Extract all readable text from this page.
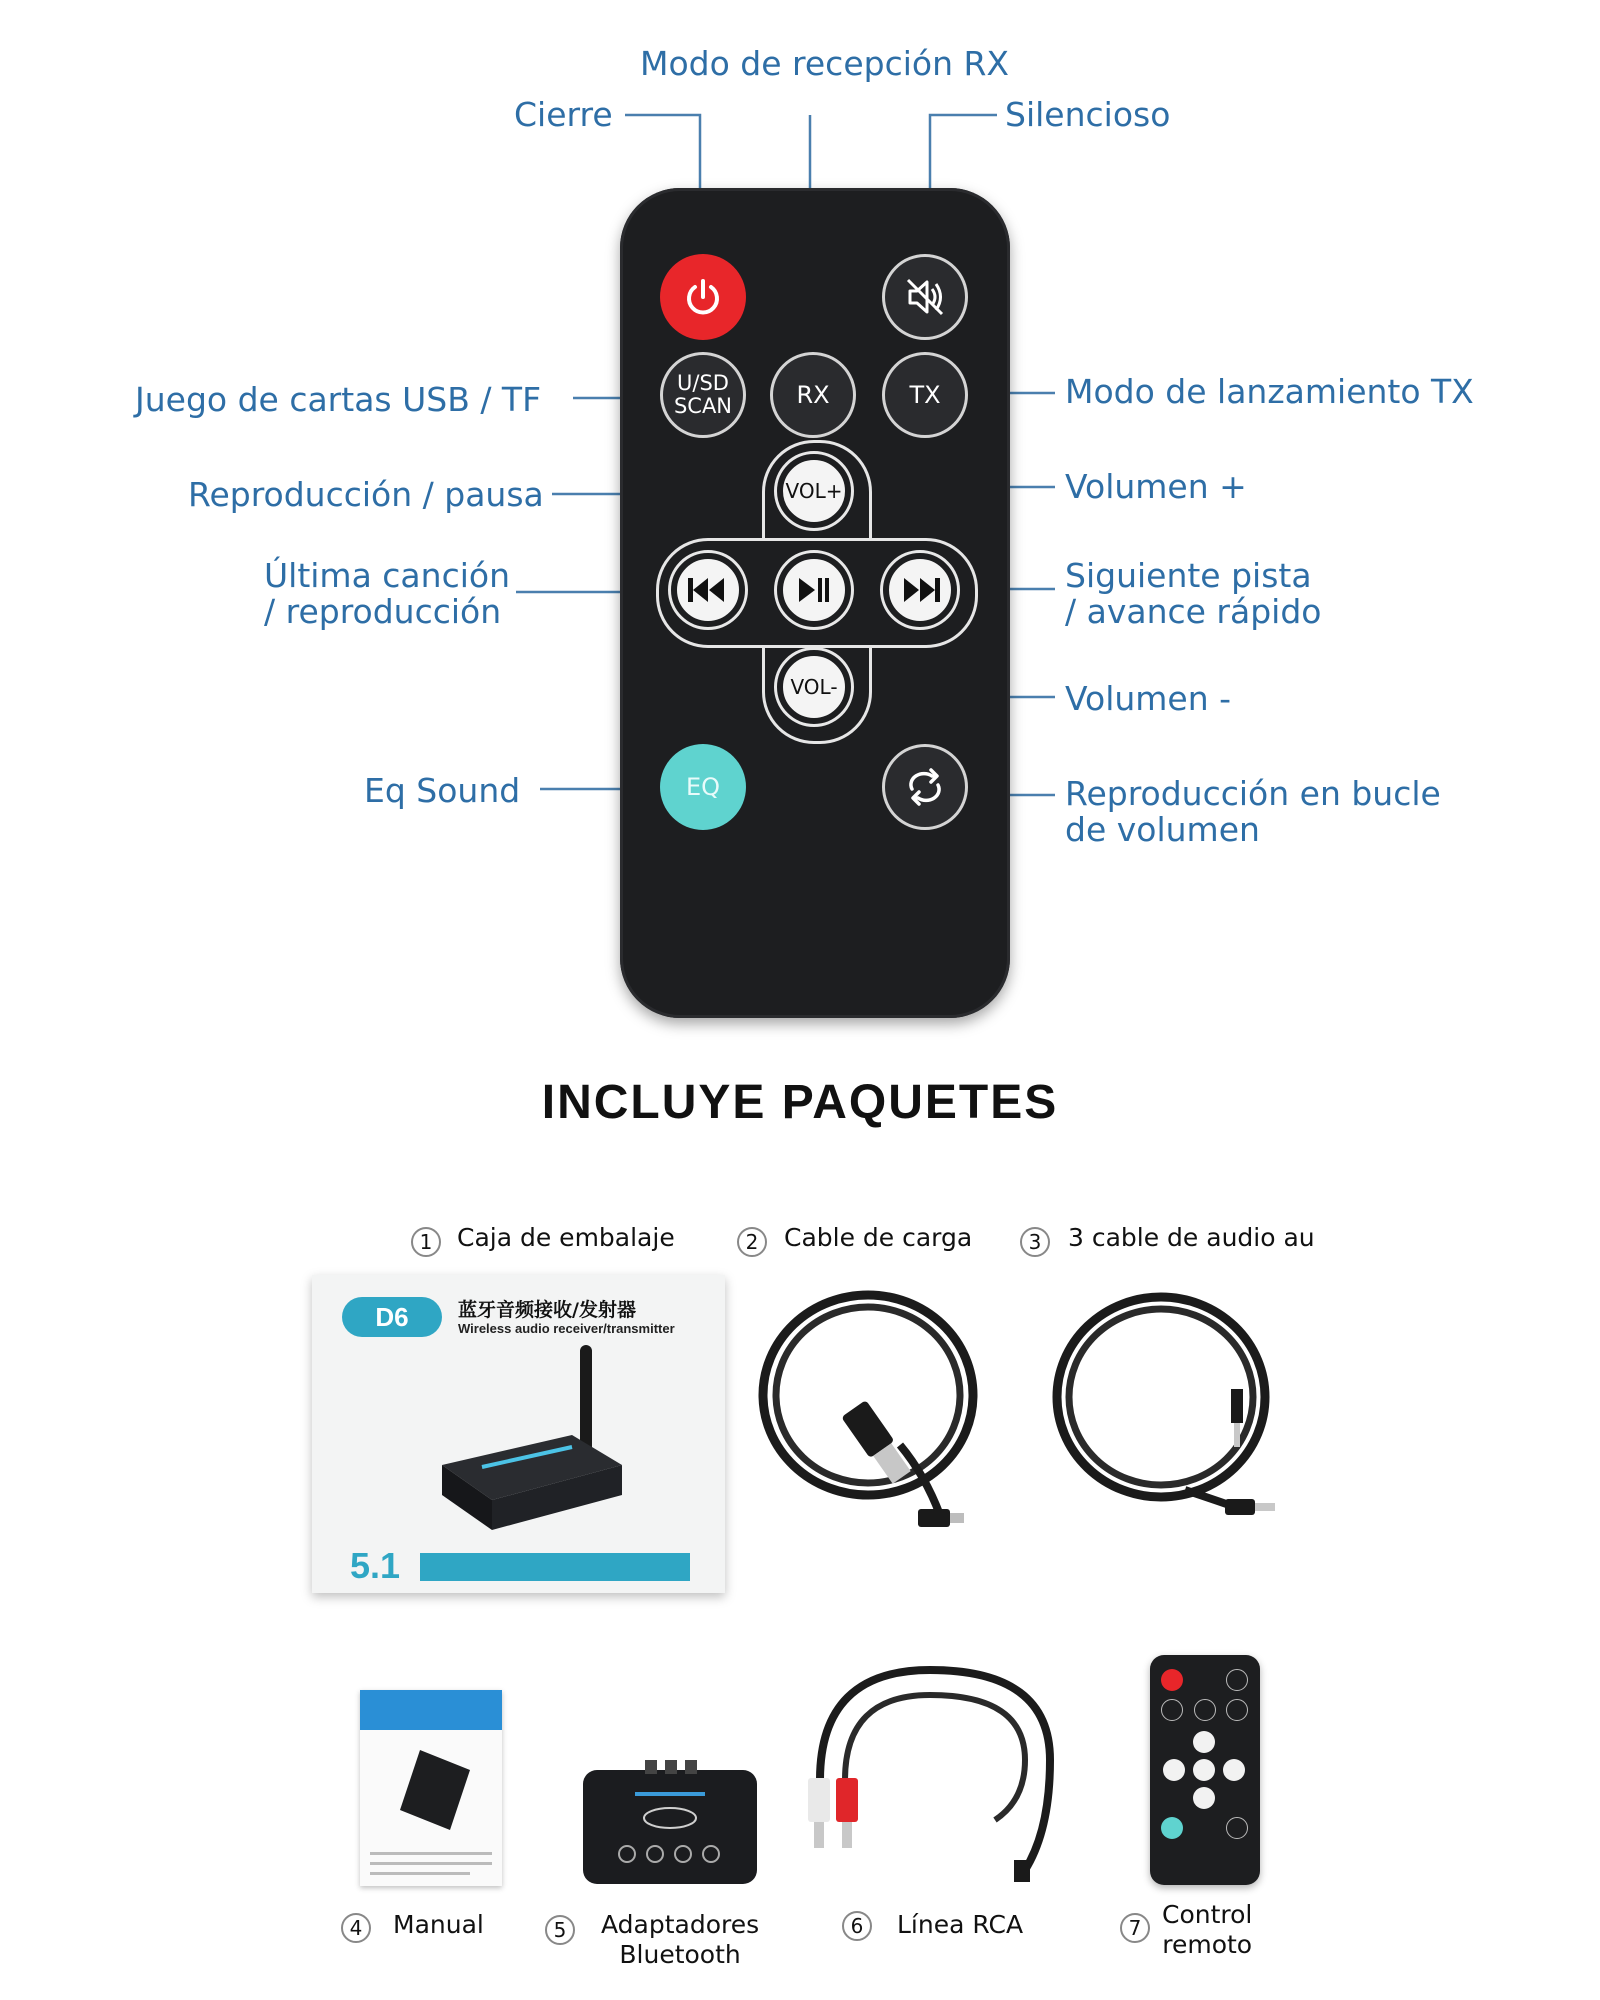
Modo de recepción RX
Cierre	Silencioso
Juego de cartas USB / TF	Modo de lanzamiento TX
Reproducción / pausa	Volumen +
Última canción
/ reproducción
Siguiente pista
/ avance rápido
Volumen -
Eq Sound	Reproducción en bucle
de volumen
U/SD
SCAN	RX	TX
VOL+
VOL-
EQ
INCLUYE PAQUETES
1 Caja de embalaje
D6	蓝牙音频接收/发射器
Wireless audio receiver/transmitter
5.1
2	Cable de carga	3	3 cable de audio au
4	Manual	5	Adaptadores
Bluetooth
6	Línea RCA	7 Control
remoto
